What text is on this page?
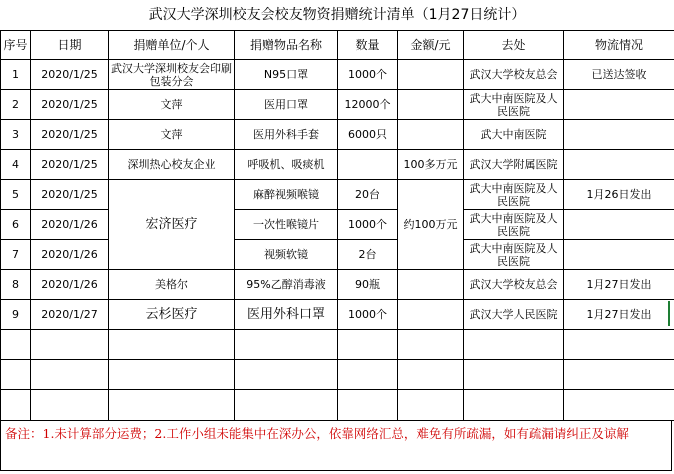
武汉大学深圳校友会校友物资捐赠统计清单（1月27日统计）
序号	日期	捐赠单位/个人	捐赠物品名称	数量	金额/元	去处	物流情况
1	2020/1/25	武汉大学深圳校友会印刷包装分会	N95口罩	1000个		武汉大学校友总会	已送达签收
2	2020/1/25	文萍	医用口罩	12000个		武大中南医院及人民医院	
3	2020/1/25	文萍	医用外科手套	6000只		武大中南医院	
4	2020/1/25	深圳热心校友企业	呼吸机、吸痰机		100多万元	武汉大学附属医院	
5	2020/1/25	宏济医疗	麻醉视频喉镜	20台	约100万元	武大中南医院及人民医院	1月26日发出
6	2020/1/26		一次性喉镜片	1000个		武大中南医院及人民医院	
7	2020/1/26		视频软镜	2台		武大中南医院及人民医院	
8	2020/1/26	美格尔	95%乙醇消毒液	90瓶		武汉大学校友总会	1月27日发出
9	2020/1/27	云杉医疗	医用外科口罩	1000个		武汉大学人民医院	1月27日发出

备注：1.未计算部分运费；2.工作小组未能集中在深办公，依靠网络汇总，难免有所疏漏，如有疏漏请纠正及谅解
